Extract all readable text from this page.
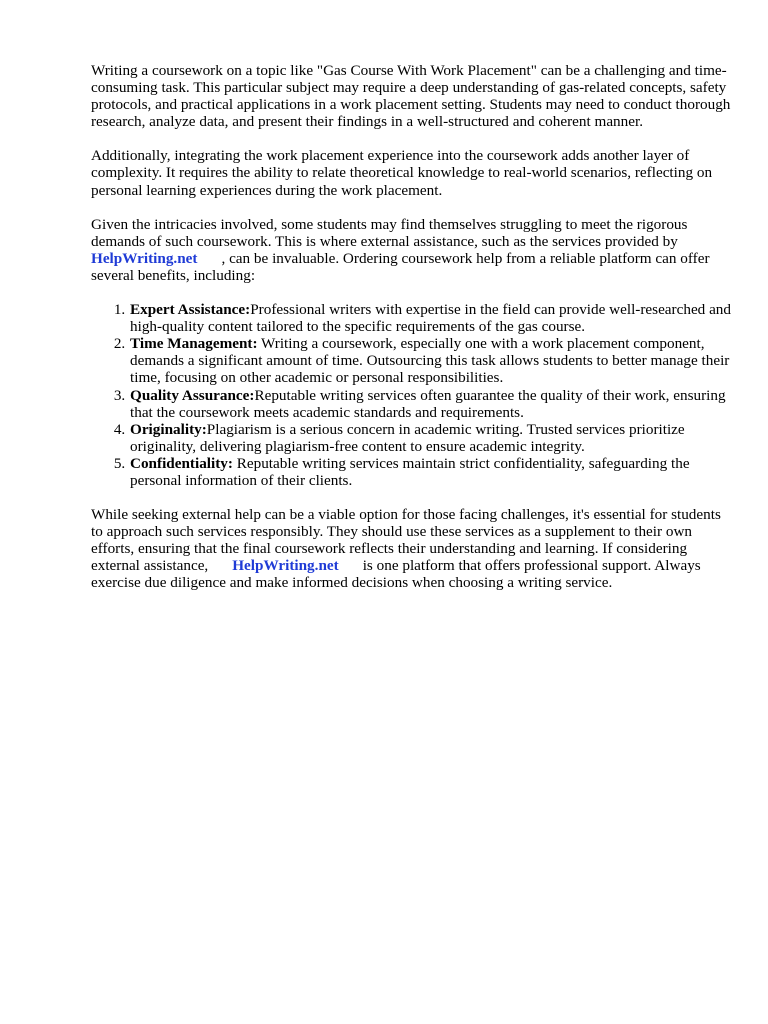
Writing a coursework on a topic like "Gas Course With Work Placement" can be a challenging and time-consuming task. This particular subject may require a deep understanding of gas-related concepts, safety protocols, and practical applications in a work placement setting. Students may need to conduct thorough research, analyze data, and present their findings in a well-structured and coherent manner.

Additionally, integrating the work placement experience into the coursework adds another layer of complexity. It requires the ability to relate theoretical knowledge to real-world scenarios, reflecting on personal learning experiences during the work placement.

Given the intricacies involved, some students may find themselves struggling to meet the rigorous demands of such coursework. This is where external assistance, such as the services provided by
HelpWriting.net , can be invaluable. Ordering coursework help from a reliable platform can offer several benefits, including:

1. Expert Assistance:Professional writers with expertise in the field can provide well-researched and high-quality content tailored to the specific requirements of the gas course.
2. Time Management: Writing a coursework, especially one with a work placement component, demands a significant amount of time. Outsourcing this task allows students to better manage their time, focusing on other academic or personal responsibilities.
3. Quality Assurance:Reputable writing services often guarantee the quality of their work, ensuring that the coursework meets academic standards and requirements.
4. Originality:Plagiarism is a serious concern in academic writing. Trusted services prioritize originality, delivering plagiarism-free content to ensure academic integrity.
5. Confidentiality: Reputable writing services maintain strict confidentiality, safeguarding the personal information of their clients.

While seeking external help can be a viable option for those facing challenges, it's essential for students to approach such services responsibly. They should use these services as a supplement to their own efforts, ensuring that the final coursework reflects their understanding and learning. If considering external assistance, HelpWriting.net is one platform that offers professional support. Always exercise due diligence and make informed decisions when choosing a writing service.
